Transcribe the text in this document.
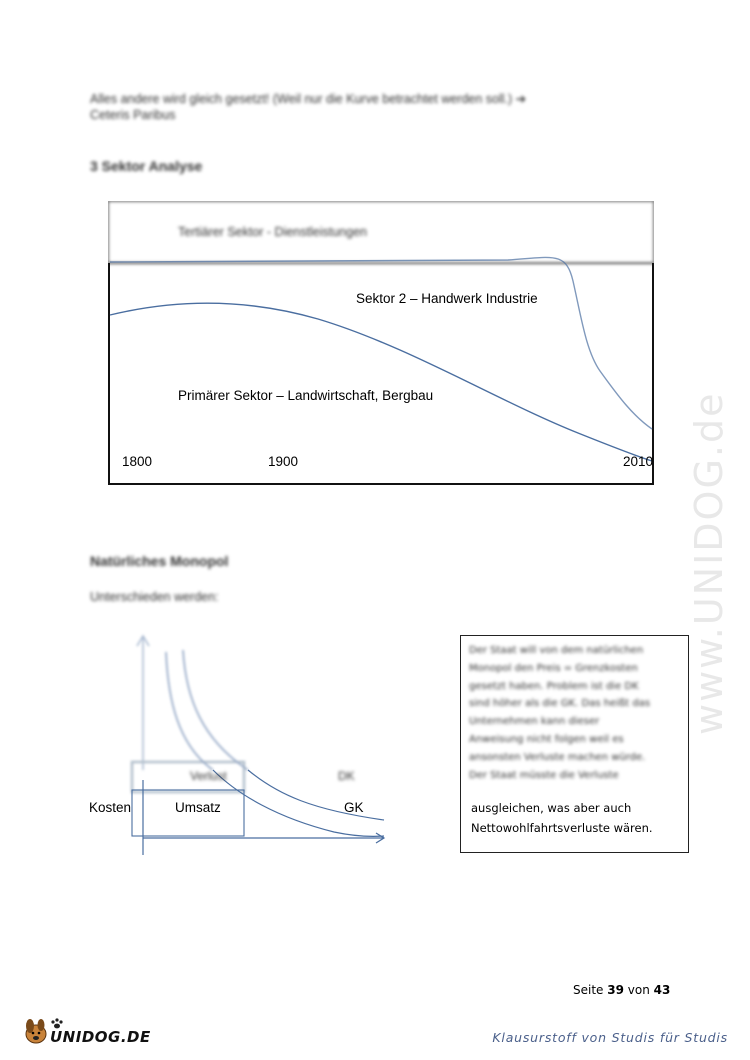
Alles andere wird gleich gesetzt! (Weil nur die Kurve betrachtet werden soll.) ➔
Ceteris Paribus
3 Sektor Analyse
Tertiärer Sektor - Dienstleistungen
Sektor 2 – Handwerk Industrie
Primärer Sektor – Landwirtschaft, Bergbau
1800	1900	2010
Natürliches Monopol
Unterschieden werden:
Verlust	DK
Kosten	Umsatz	GK
Der Staat will von dem natürlichen
Monopol den Preis = Grenzkosten
gesetzt haben. Problem ist die DK
sind höher als die GK. Das heißt das
Unternehmen kann dieser
Anweisung nicht folgen weil es
ansonsten Verluste machen würde.
Der Staat müsste die Verluste
ausgleichen, was aber auch
Nettowohlfahrtsverluste wären.
www.UNIDOG.de
Seite 39 von 43
UNIDOG.DE	Klausurstoff von Studis für Studis
